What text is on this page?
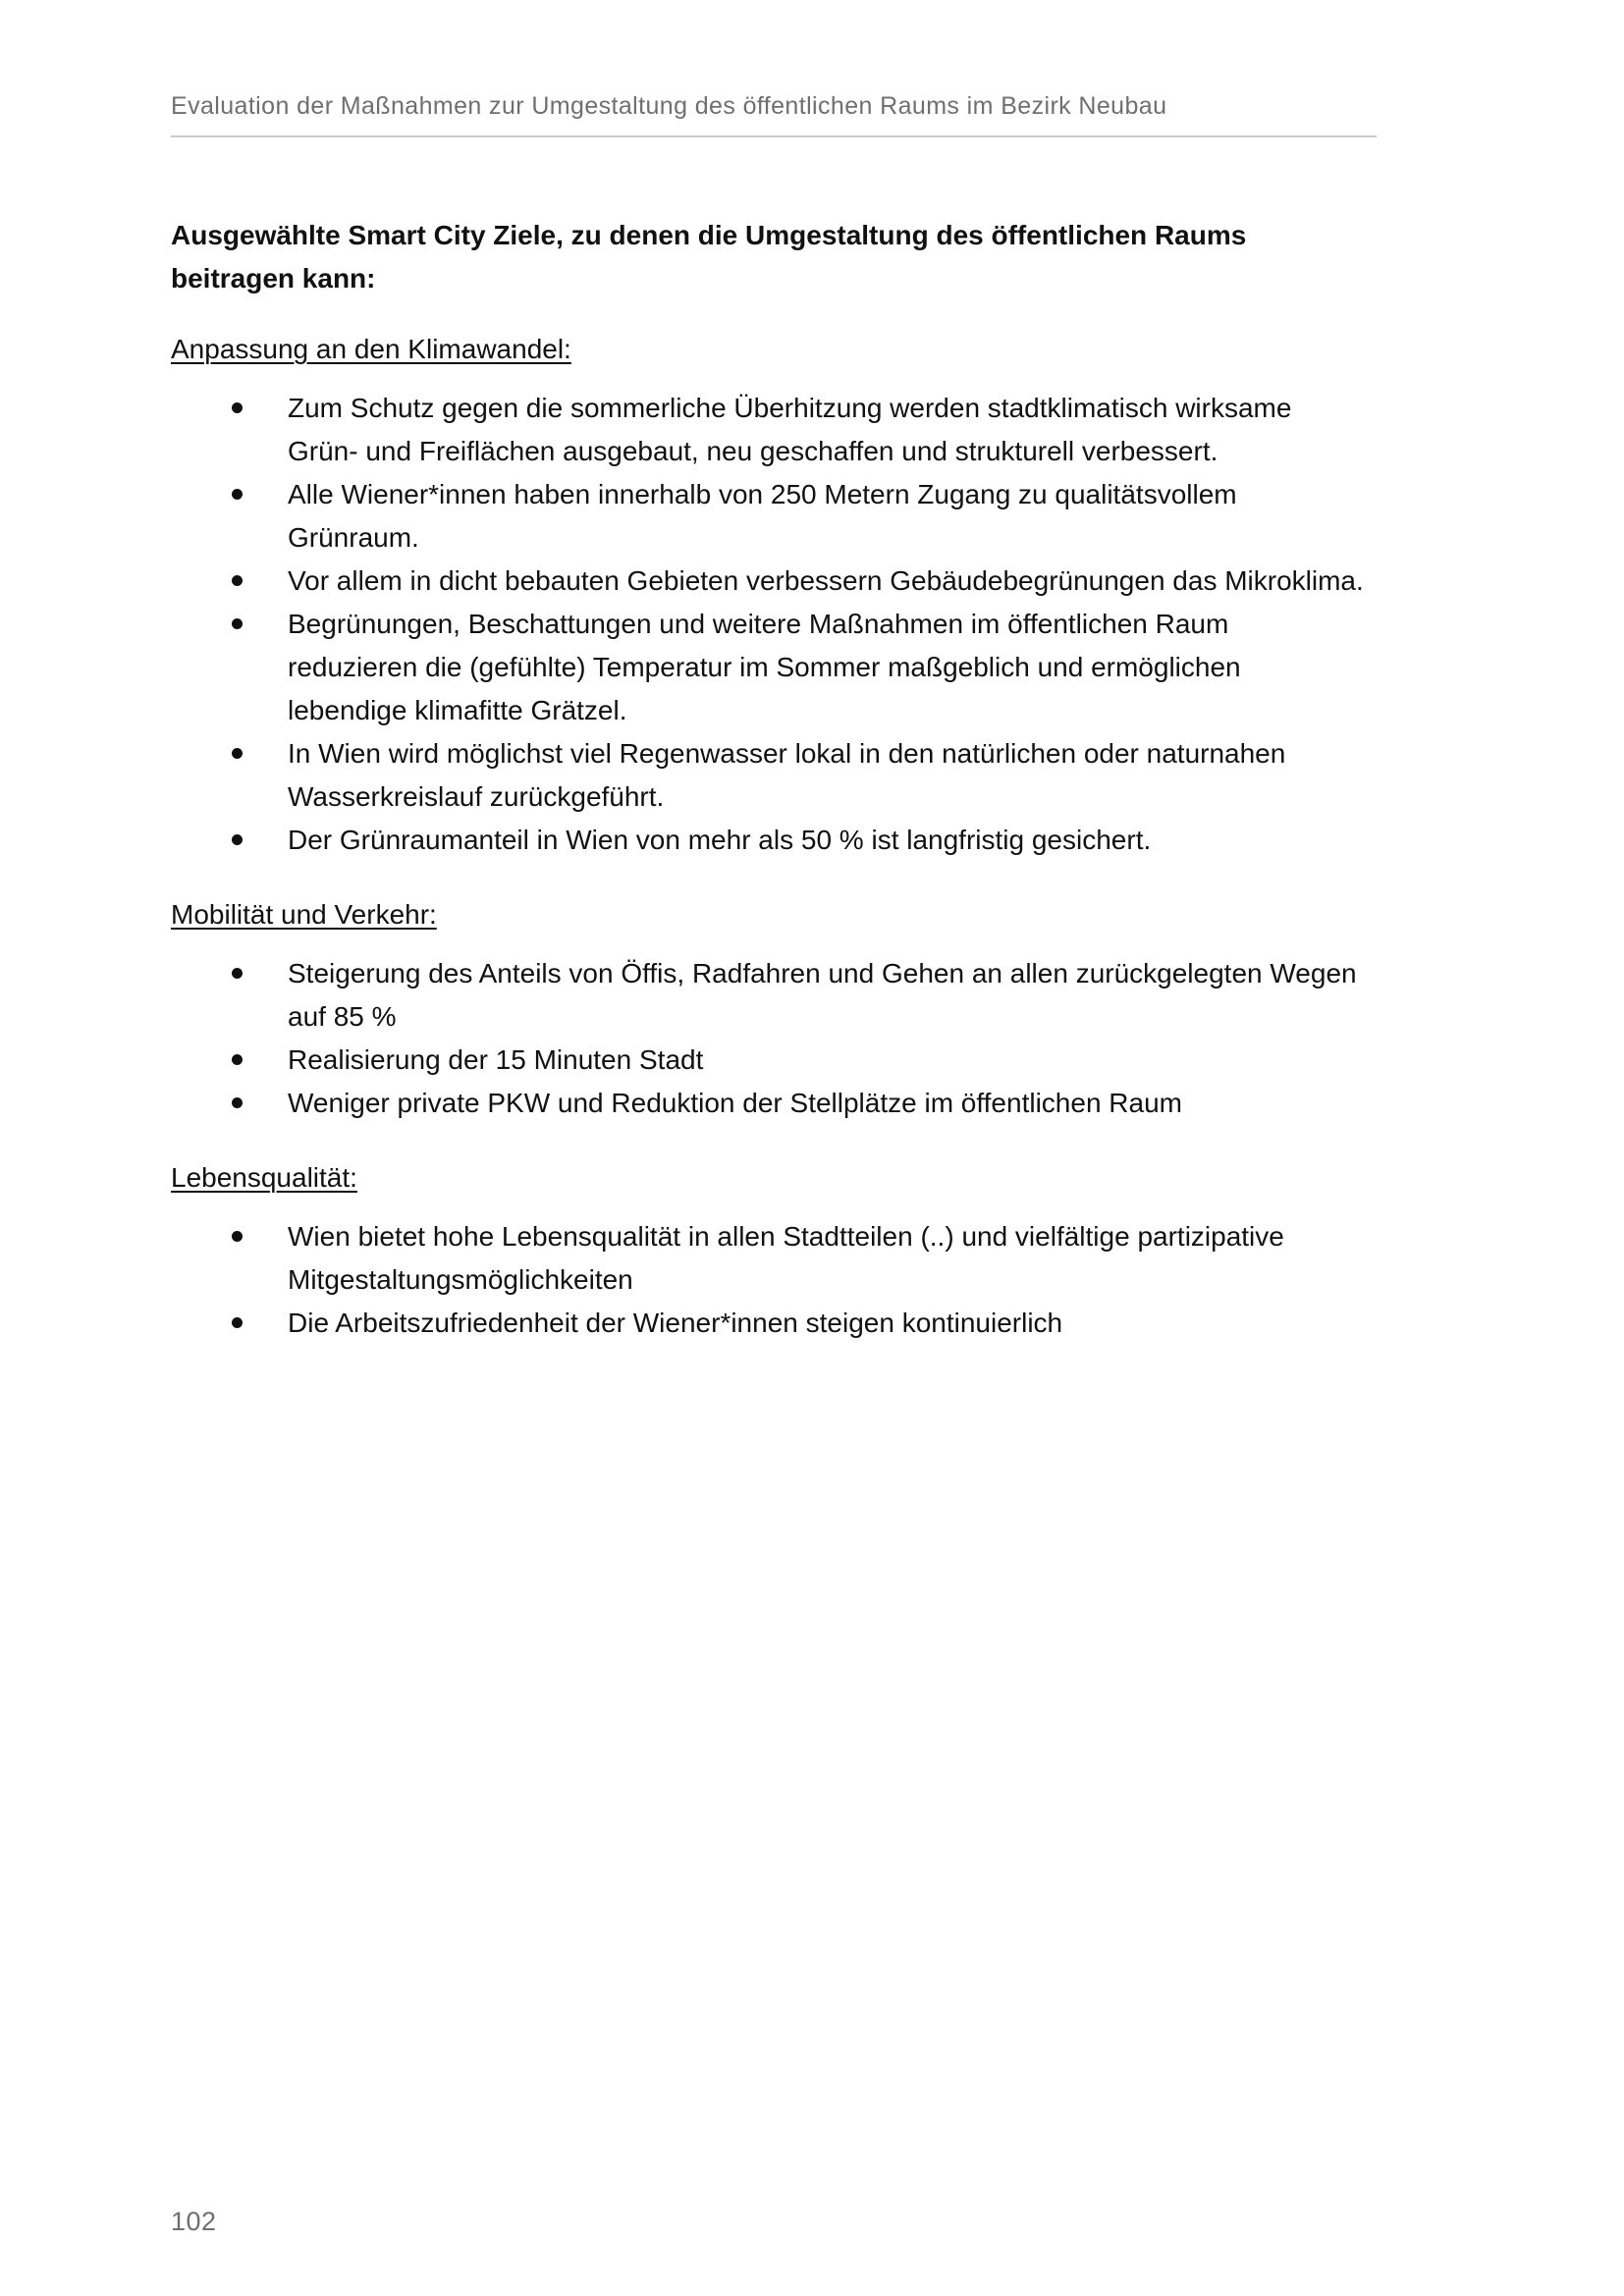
Evaluation der Maßnahmen zur Umgestaltung des öffentlichen Raums im Bezirk Neubau
Ausgewählte Smart City Ziele, zu denen die Umgestaltung des öffentlichen Raums beitragen kann:
Anpassung an den Klimawandel:
Zum Schutz gegen die sommerliche Überhitzung werden stadtklimatisch wirksame Grün- und Freiflächen ausgebaut, neu geschaffen und strukturell verbessert.
Alle Wiener*innen haben innerhalb von 250 Metern Zugang zu qualitätsvollem Grünraum.
Vor allem in dicht bebauten Gebieten verbessern Gebäudebegrünungen das Mikroklima.
Begrünungen, Beschattungen und weitere Maßnahmen im öffentlichen Raum reduzieren die (gefühlte) Temperatur im Sommer maßgeblich und ermöglichen lebendige klimafitte Grätzel.
In Wien wird möglichst viel Regenwasser lokal in den natürlichen oder naturnahen Wasserkreislauf zurückgeführt.
Der Grünraumanteil in Wien von mehr als 50 % ist langfristig gesichert.
Mobilität und Verkehr:
Steigerung des Anteils von Öffis, Radfahren und Gehen an allen zurückgelegten Wegen auf 85 %
Realisierung der 15 Minuten Stadt
Weniger private PKW und Reduktion der Stellplätze im öffentlichen Raum
Lebensqualität:
Wien bietet hohe Lebensqualität in allen Stadtteilen (..) und vielfältige partizipative Mitgestaltungsmöglichkeiten
Die Arbeitszufriedenheit der Wiener*innen steigen kontinuierlich
102
